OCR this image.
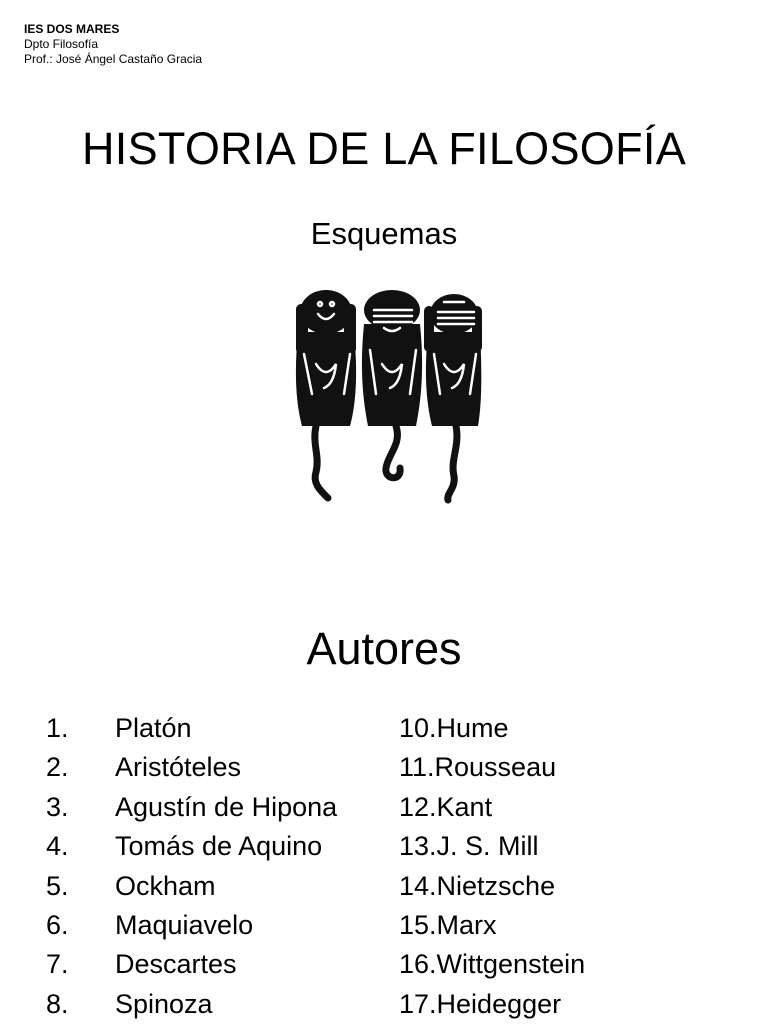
IES DOS MARES
Dpto Filosofía
Prof.: José Ángel Castaño Gracia
HISTORIA DE LA FILOSOFÍA
Esquemas
Autores
1. Platón
2. Aristóteles
3. Agustín de Hipona
4. Tomás de Aquino
5. Ockham
6. Maquiavelo
7. Descartes
8. Spinoza
10.Hume
11.Rousseau
12.Kant
13.J. S. Mill
14.Nietzsche
15.Marx
16.Wittgenstein
17.Heidegger
